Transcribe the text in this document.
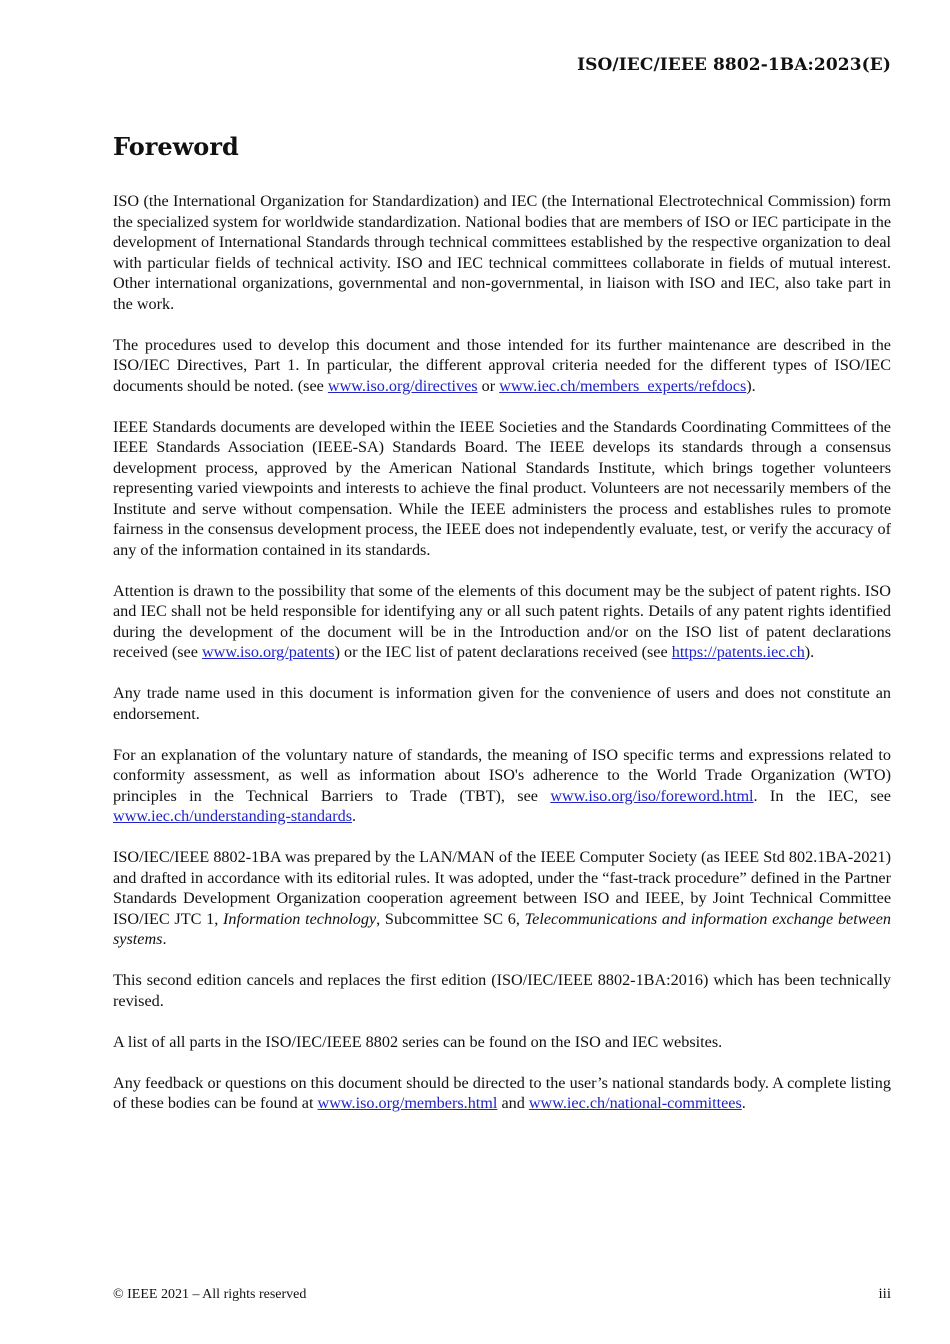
ISO/IEC/IEEE 8802-1BA:2023(E)
Foreword

ISO (the International Organization for Standardization) and IEC (the International Electrotechnical Commission) form the specialized system for worldwide standardization. National bodies that are members of ISO or IEC participate in the development of International Standards through technical committees established by the respective organization to deal with particular fields of technical activity. ISO and IEC technical committees collaborate in fields of mutual interest. Other international organizations, governmental and non-governmental, in liaison with ISO and IEC, also take part in the work.

The procedures used to develop this document and those intended for its further maintenance are described in the ISO/IEC Directives, Part 1. In particular, the different approval criteria needed for the different types of ISO/IEC documents should be noted. (see www.iso.org/directives or www.iec.ch/members_experts/refdocs).

IEEE Standards documents are developed within the IEEE Societies and the Standards Coordinating Committees of the IEEE Standards Association (IEEE-SA) Standards Board. The IEEE develops its standards through a consensus development process, approved by the American National Standards Institute, which brings together volunteers representing varied viewpoints and interests to achieve the final product. Volunteers are not necessarily members of the Institute and serve without compensation. While the IEEE administers the process and establishes rules to promote fairness in the consensus development process, the IEEE does not independently evaluate, test, or verify the accuracy of any of the information contained in its standards.

Attention is drawn to the possibility that some of the elements of this document may be the subject of patent rights. ISO and IEC shall not be held responsible for identifying any or all such patent rights. Details of any patent rights identified during the development of the document will be in the Introduction and/or on the ISO list of patent declarations received (see www.iso.org/patents) or the IEC list of patent declarations received (see https://patents.iec.ch).

Any trade name used in this document is information given for the convenience of users and does not constitute an endorsement.

For an explanation of the voluntary nature of standards, the meaning of ISO specific terms and expressions related to conformity assessment, as well as information about ISO's adherence to the World Trade Organization (WTO) principles in the Technical Barriers to Trade (TBT), see www.iso.org/iso/foreword.html. In the IEC, see www.iec.ch/understanding-standards.

ISO/IEC/IEEE 8802-1BA was prepared by the LAN/MAN of the IEEE Computer Society (as IEEE Std 802.1BA-2021) and drafted in accordance with its editorial rules. It was adopted, under the “fast-track procedure” defined in the Partner Standards Development Organization cooperation agreement between ISO and IEEE, by Joint Technical Committee ISO/IEC JTC 1, Information technology, Subcommittee SC 6, Telecommunications and information exchange between systems.

This second edition cancels and replaces the first edition (ISO/IEC/IEEE 8802-1BA:2016) which has been technically revised.

A list of all parts in the ISO/IEC/IEEE 8802 series can be found on the ISO and IEC websites.

Any feedback or questions on this document should be directed to the user’s national standards body. A complete listing of these bodies can be found at www.iso.org/members.html and www.iec.ch/national-committees.

© IEEE 2021 – All rights reserved	iii
